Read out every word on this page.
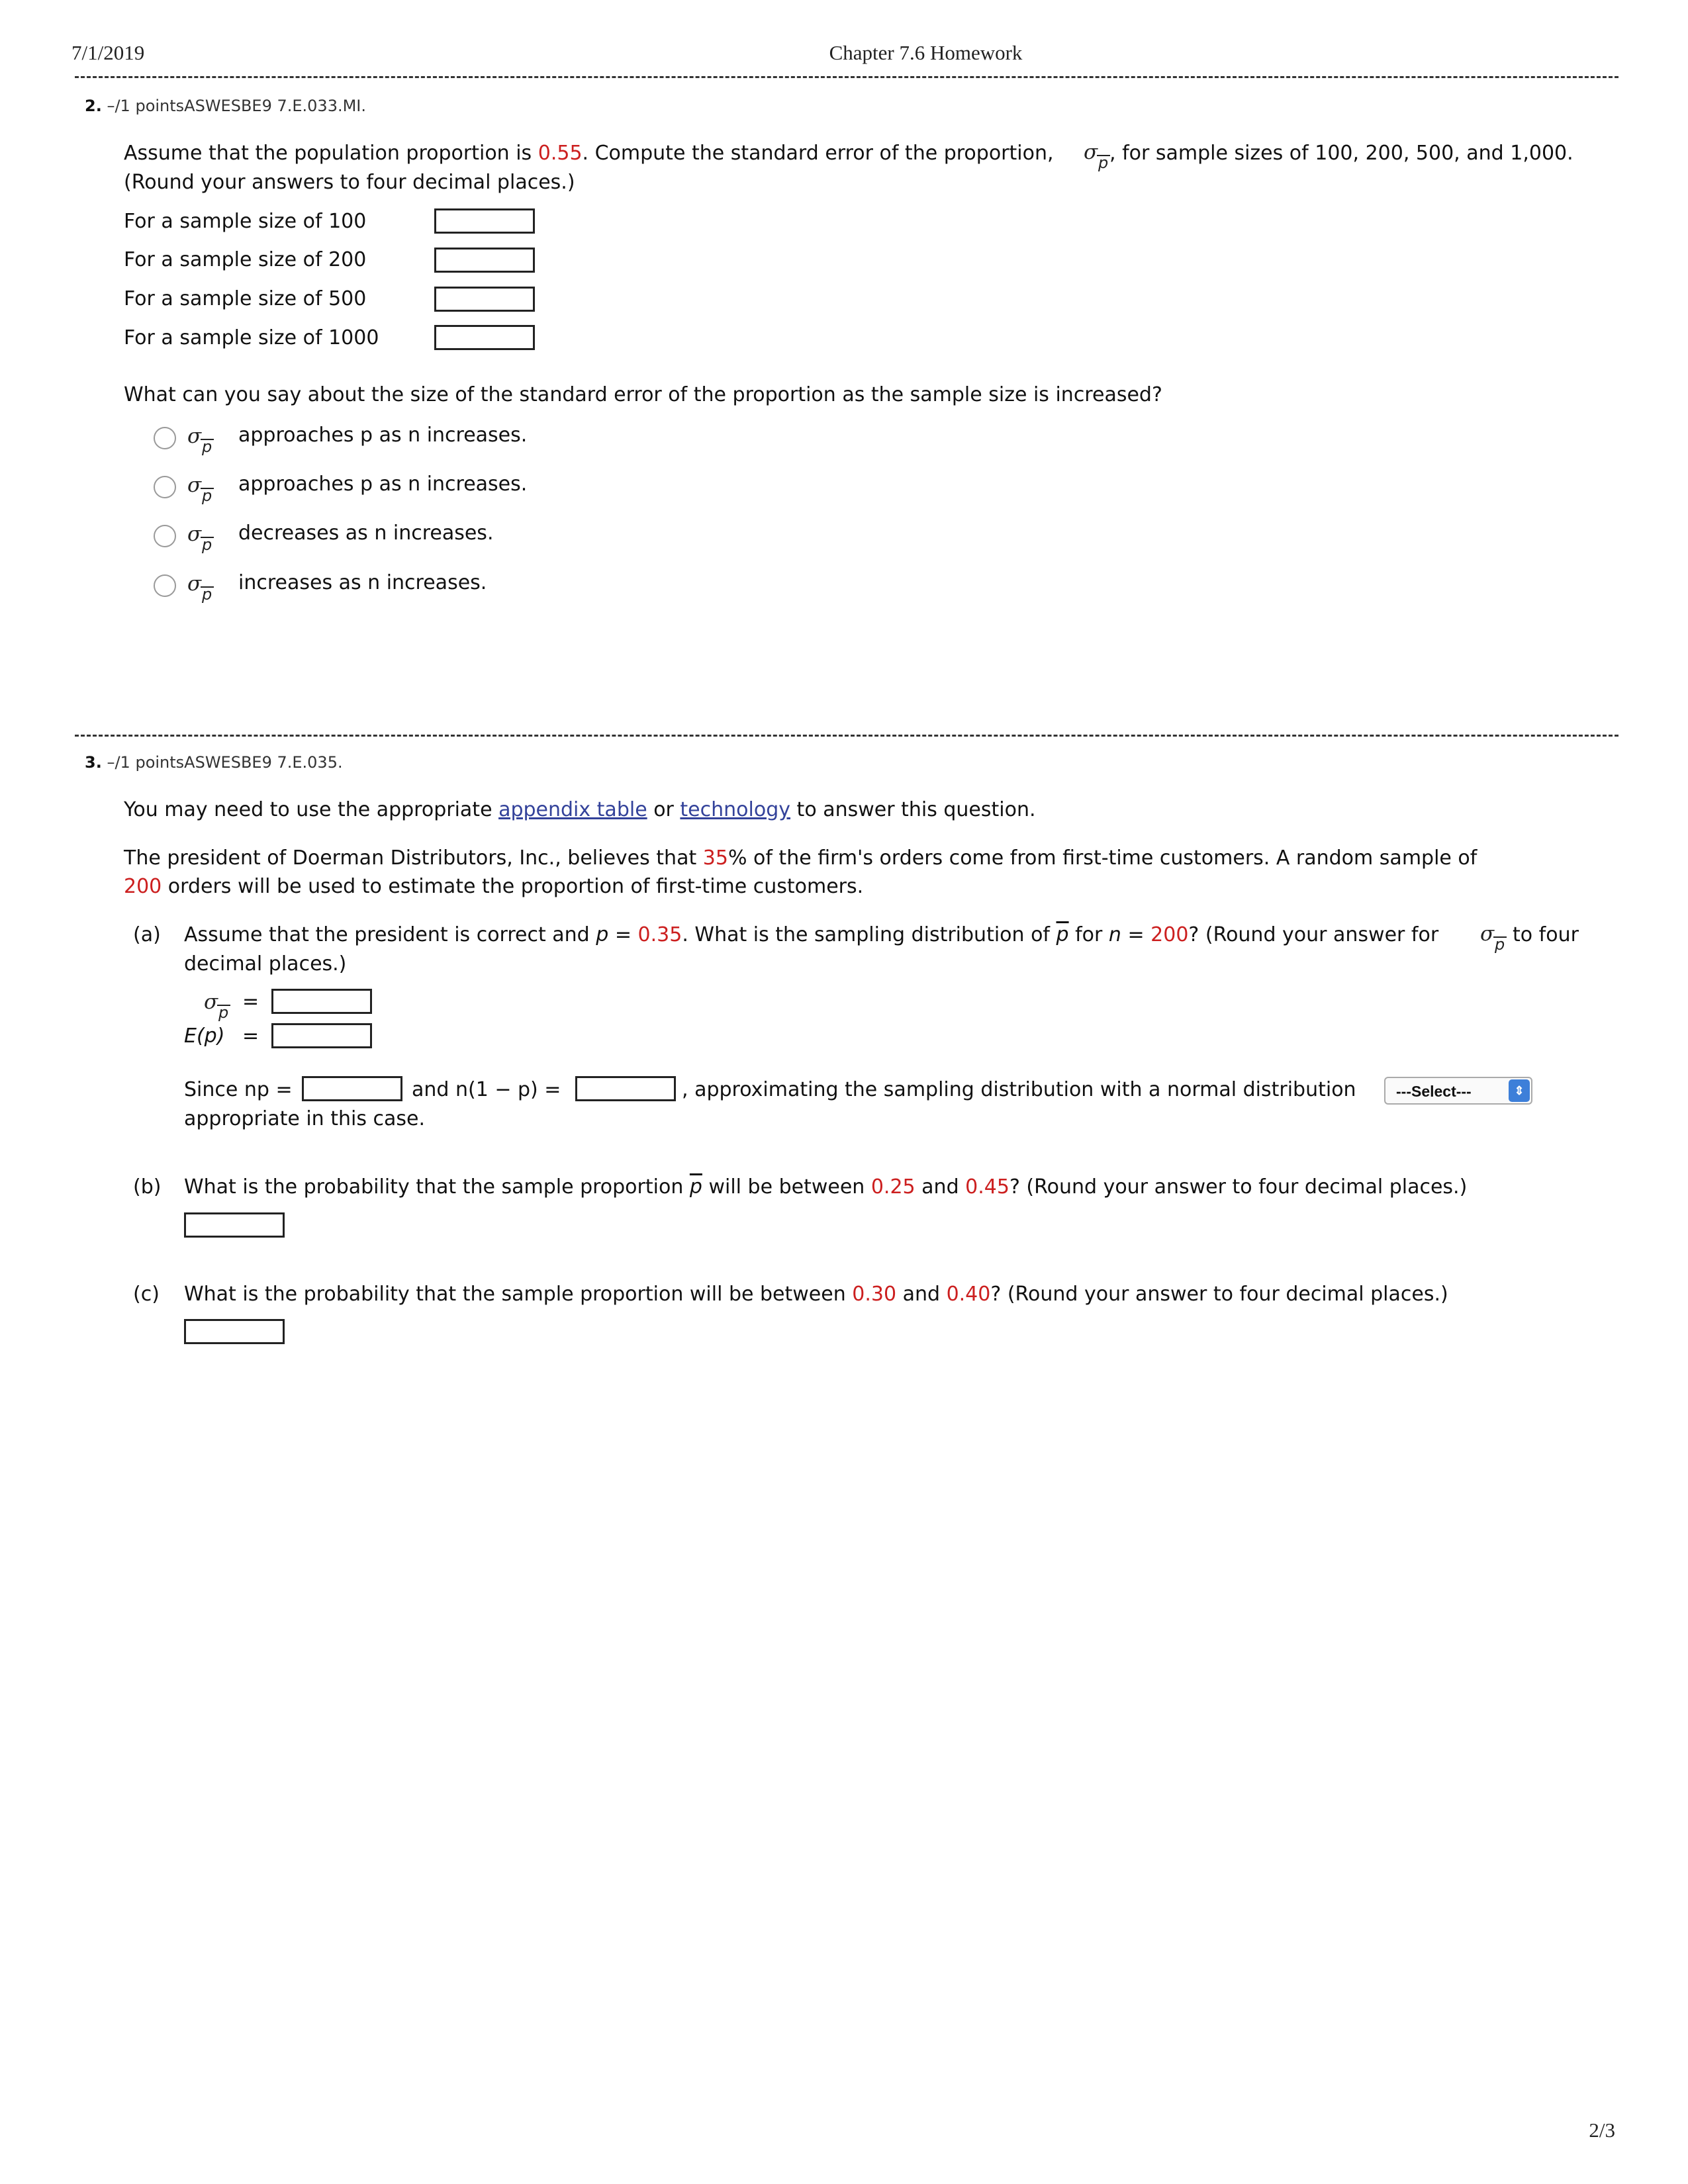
7/1/2019	Chapter 7.6 Homework
2. –/1 pointsASWESBE9 7.E.033.MI.
Assume that the population proportion is 0.55. Compute the standard error of the proportion, σ p , for sample sizes of 100, 200, 500, and 1,000.
(Round your answers to four decimal places.)
For a sample size of 100
For a sample size of 200
For a sample size of 500
For a sample size of 1000
What can you say about the size of the standard error of the proportion as the sample size is increased?
σ p approaches p as n increases.
σ p approaches p as n increases.
σ p decreases as n increases.
σ p increases as n increases.
3. –/1 pointsASWESBE9 7.E.035.
You may need to use the appropriate appendix table or technology to answer this question.
The president of Doerman Distributors, Inc., believes that 35% of the firm's orders come from first-time customers. A random sample of
200 orders will be used to estimate the proportion of first-time customers.
(a) Assume that the president is correct and p = 0.35. What is the sampling distribution of $\overline{p}$ for n = 200? (Round your answer for σ p to four
decimal places.)
σ p =
E(p) =
Since np =	and n(1 − p) =	, approximating the sampling distribution with a normal distribution	---Select---	⇕
appropriate in this case.
(b) What is the probability that the sample proportion $\overline{p}$ will be between 0.25 and 0.45? (Round your answer to four decimal places.)
(c) What is the probability that the sample proportion will be between 0.30 and 0.40? (Round your answer to four decimal places.)
2/3
